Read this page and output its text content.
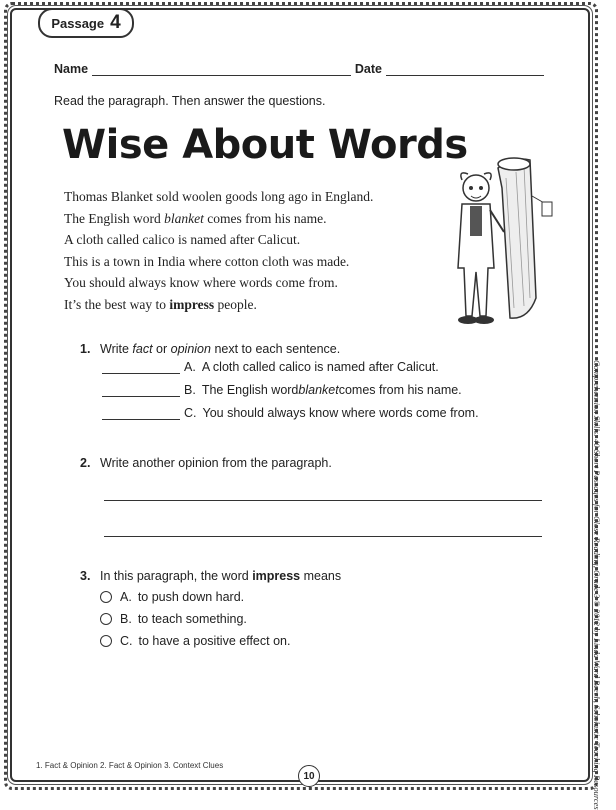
Passage 4
Name	Date
Read the paragraph. Then answer the questions.
Wise About Words

Thomas Blanket sold woolen goods long ago in England.

The English word blanket comes from his name.

A cloth called calico is named after Calicut.

This is a town in India where cotton cloth was made.

You should always know where words come from.

It’s the best way to impress people.

1. Write fact or opinion next to each sentence.
A. A cloth called calico is named after Calicut.
B. The English word blanket comes from his name.
C. You should always know where words come from.
2. Write another opinion from the paragraph.
3. In this paragraph, the word impress means
A. to push down hard.
B. to teach something.
C. to have a positive effect on.	Comprehension Skills: 40 Short Passages for Close Reading, Grade 3 © 2012 by Linda Ward Beech, Scholastic Teaching Resources
1. Fact & Opinion 2. Fact & Opinion 3. Context Clues
10
